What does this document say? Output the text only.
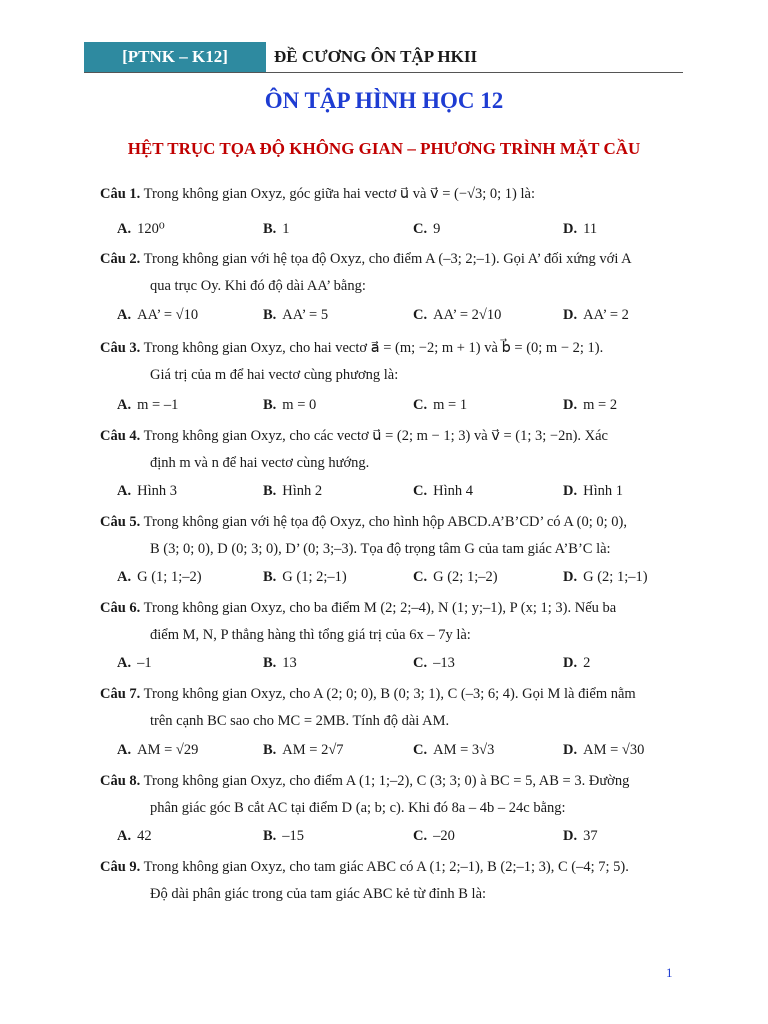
[PTNK – K12]	ĐỀ CƯƠNG ÔN TẬP HKII
ÔN TẬP HÌNH HỌC 12
HỆT TRỤC TỌA ĐỘ KHÔNG GIAN – PHƯƠNG TRÌNH MẶT CẦU
Câu 1. Trong không gian Oxyz, góc giữa hai vectơ u⃗ và v⃗ = (−√3; 0; 1) là:
A. 120⁰	B. 1	C. 9	D. 11
Câu 2. Trong không gian với hệ tọa độ Oxyz, cho điểm A (–3; 2;–1). Gọi A’ đối xứng với A
qua trục Oy. Khi đó độ dài AA’ bằng:
A. AA’ = √10	B. AA’ = 5	C. AA’ = 2√10	D. AA’ = 2
Câu 3. Trong không gian Oxyz, cho hai vectơ a⃗ = (m; −2; m + 1) và b⃗ = (0; m − 2; 1).
Giá trị của m để hai vectơ cùng phương là:
A. m = –1	B. m = 0	C. m = 1	D. m = 2
Câu 4. Trong không gian Oxyz, cho các vectơ u⃗ = (2; m − 1; 3) và v⃗ = (1; 3; −2n). Xác
định m và n để hai vectơ cùng hướng.
A. Hình 3	B. Hình 2	C. Hình 4	D. Hình 1
Câu 5. Trong không gian với hệ tọa độ Oxyz, cho hình hộp ABCD.A’B’CD’ có A (0; 0; 0),
B (3; 0; 0), D (0; 3; 0), D’ (0; 3;–3). Tọa độ trọng tâm G của tam giác A’B’C là:
A. G (1; 1;–2)	B. G (1; 2;–1)	C. G (2; 1;–2)	D. G (2; 1;–1)
Câu 6. Trong không gian Oxyz, cho ba điểm M (2; 2;–4), N (1; y;–1), P (x; 1; 3). Nếu ba
điểm M, N, P thẳng hàng thì tổng giá trị của 6x – 7y là:
A. –1	B. 13	C. –13	D. 2
Câu 7. Trong không gian Oxyz, cho A (2; 0; 0), B (0; 3; 1), C (–3; 6; 4). Gọi M là điểm nằm
trên cạnh BC sao cho MC = 2MB. Tính độ dài AM.
A. AM = √29	B. AM = 2√7	C. AM = 3√3	D. AM = √30
Câu 8. Trong không gian Oxyz, cho điểm A (1; 1;–2), C (3; 3; 0) à BC = 5, AB = 3. Đường
phân giác góc B cắt AC tại điểm D (a; b; c). Khi đó 8a – 4b – 24c bằng:
A. 42	B. –15	C. –20	D. 37
Câu 9. Trong không gian Oxyz, cho tam giác ABC có A (1; 2;–1), B (2;–1; 3), C (–4; 7; 5).
Độ dài phân giác trong của tam giác ABC kẻ từ đỉnh B là:
1
